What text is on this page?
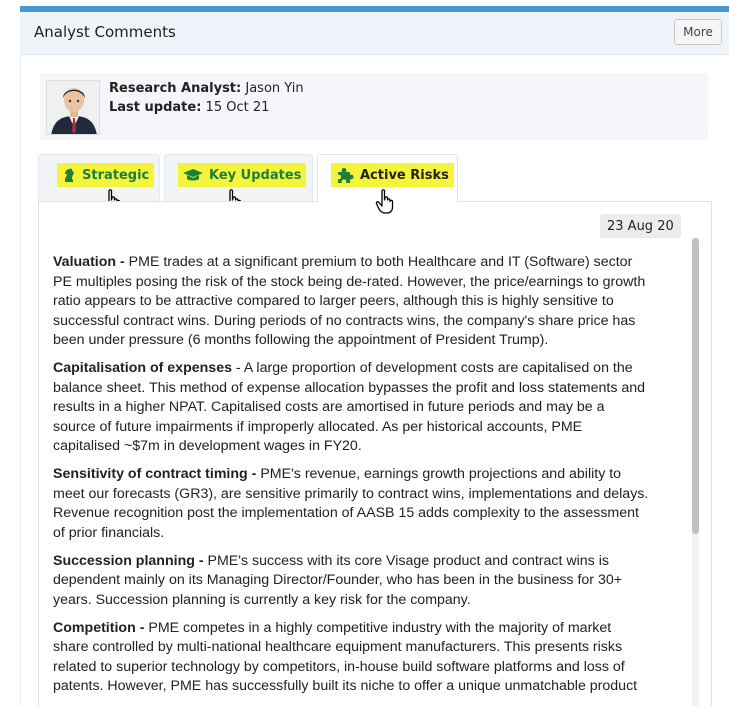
Analyst Comments	More
Research Analyst: Jason Yin
Last update: 15 Oct 21
Strategic	Key Updates	Active Risks
23 Aug 20

Valuation - PME trades at a significant premium to both Healthcare and IT (Software) sector PE multiples posing the risk of the stock being de-rated. However, the price/earnings to growth ratio appears to be attractive compared to larger peers, although this is highly sensitive to successful contract wins. During periods of no contracts wins, the company's share price has been under pressure (6 months following the appointment of President Trump).

Capitalisation of expenses - A large proportion of development costs are capitalised on the balance sheet. This method of expense allocation bypasses the profit and loss statements and results in a higher NPAT. Capitalised costs are amortised in future periods and may be a source of future impairments if improperly allocated. As per historical accounts, PME capitalised ~$7m in development wages in FY20.

Sensitivity of contract timing - PME's revenue, earnings growth projections and ability to meet our forecasts (GR3), are sensitive primarily to contract wins, implementations and delays. Revenue recognition post the implementation of AASB 15 adds complexity to the assessment of prior financials.

Succession planning - PME's success with its core Visage product and contract wins is dependent mainly on its Managing Director/Founder, who has been in the business for 30+ years. Succession planning is currently a key risk for the company.

Competition - PME competes in a highly competitive industry with the majority of market share controlled by multi-national healthcare equipment manufacturers. This presents risks related to superior technology by competitors, in-house build software platforms and loss of patents. However, PME has successfully built its niche to offer a unique unmatchable product
